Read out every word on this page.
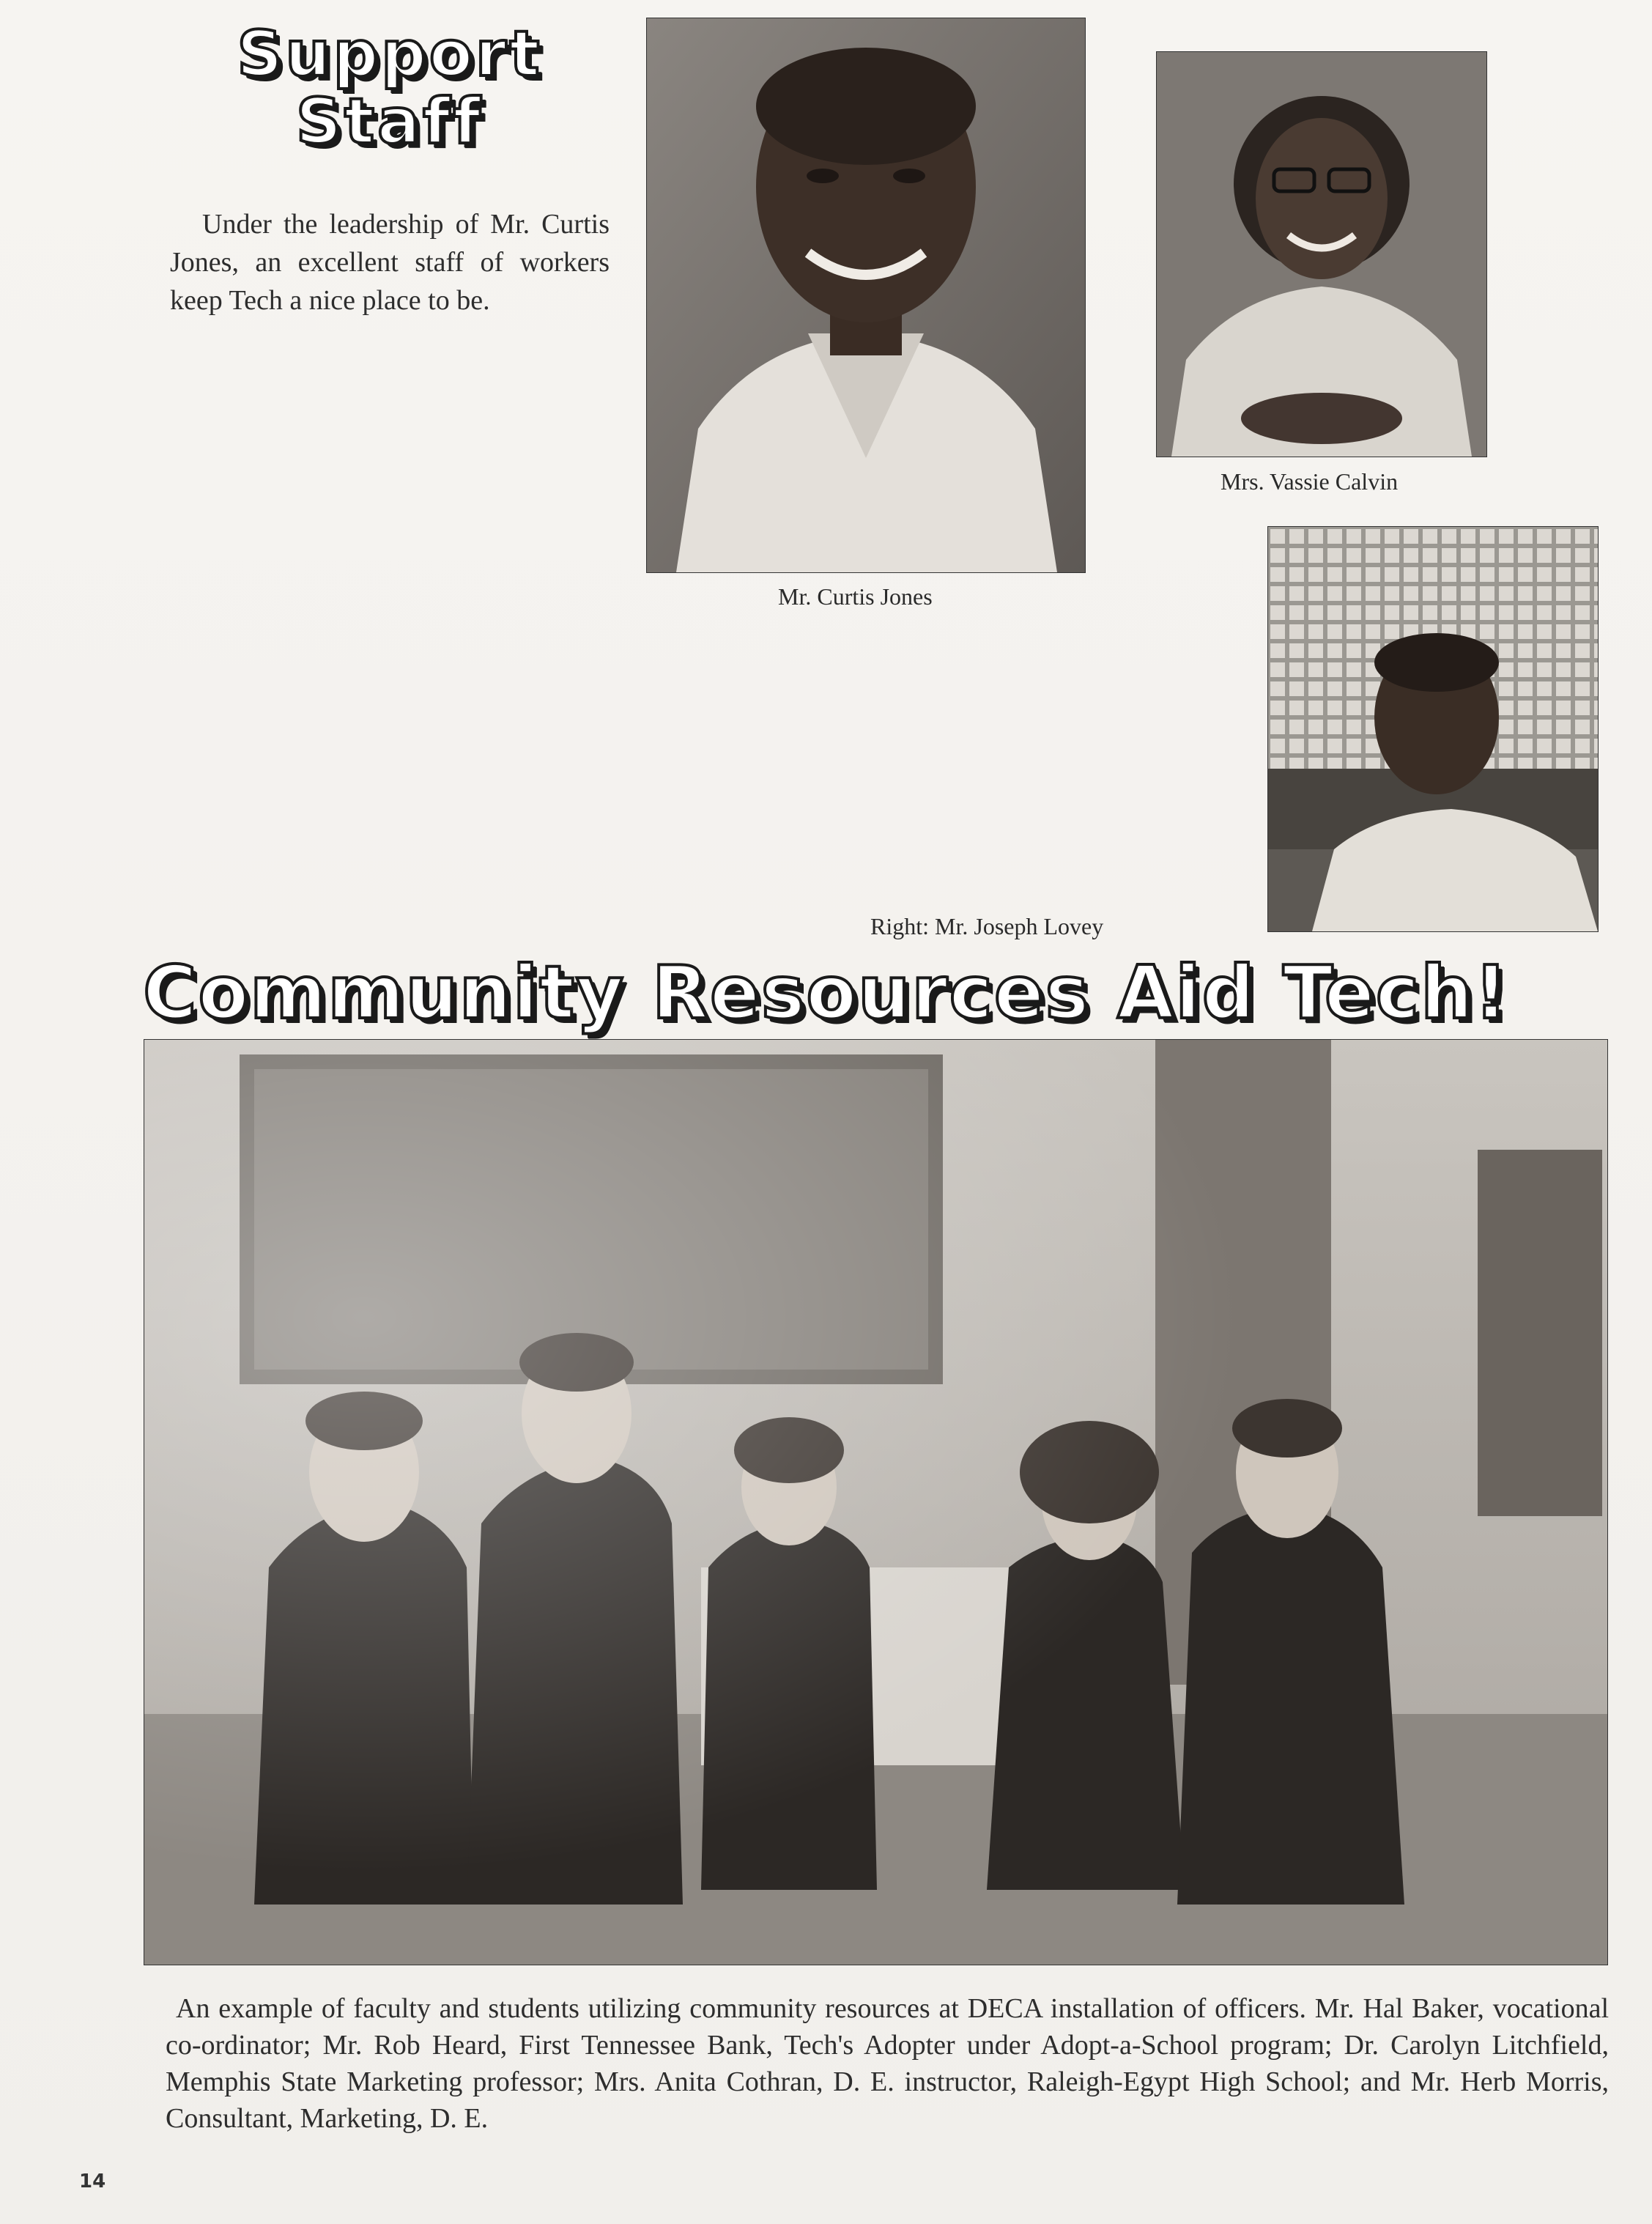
Support
Staff
Under the leadership of Mr. Curtis Jones, an excellent staff of workers keep Tech a nice place to be.
Mr. Curtis Jones
Mrs. Vassie Calvin
Right: Mr. Joseph Lovey
Community Resources Aid Tech!
An example of faculty and students utilizing community resources at DECA installation of officers. Mr. Hal Baker, vocational co-ordinator; Mr. Rob Heard, First Tennessee Bank, Tech's Adopter under Adopt-a-School program; Dr. Carolyn Litchfield, Memphis State Marketing professor; Mrs. Anita Cothran, D. E. instructor, Raleigh-Egypt High School; and Mr. Herb Morris, Consultant, Marketing, D. E.
14
